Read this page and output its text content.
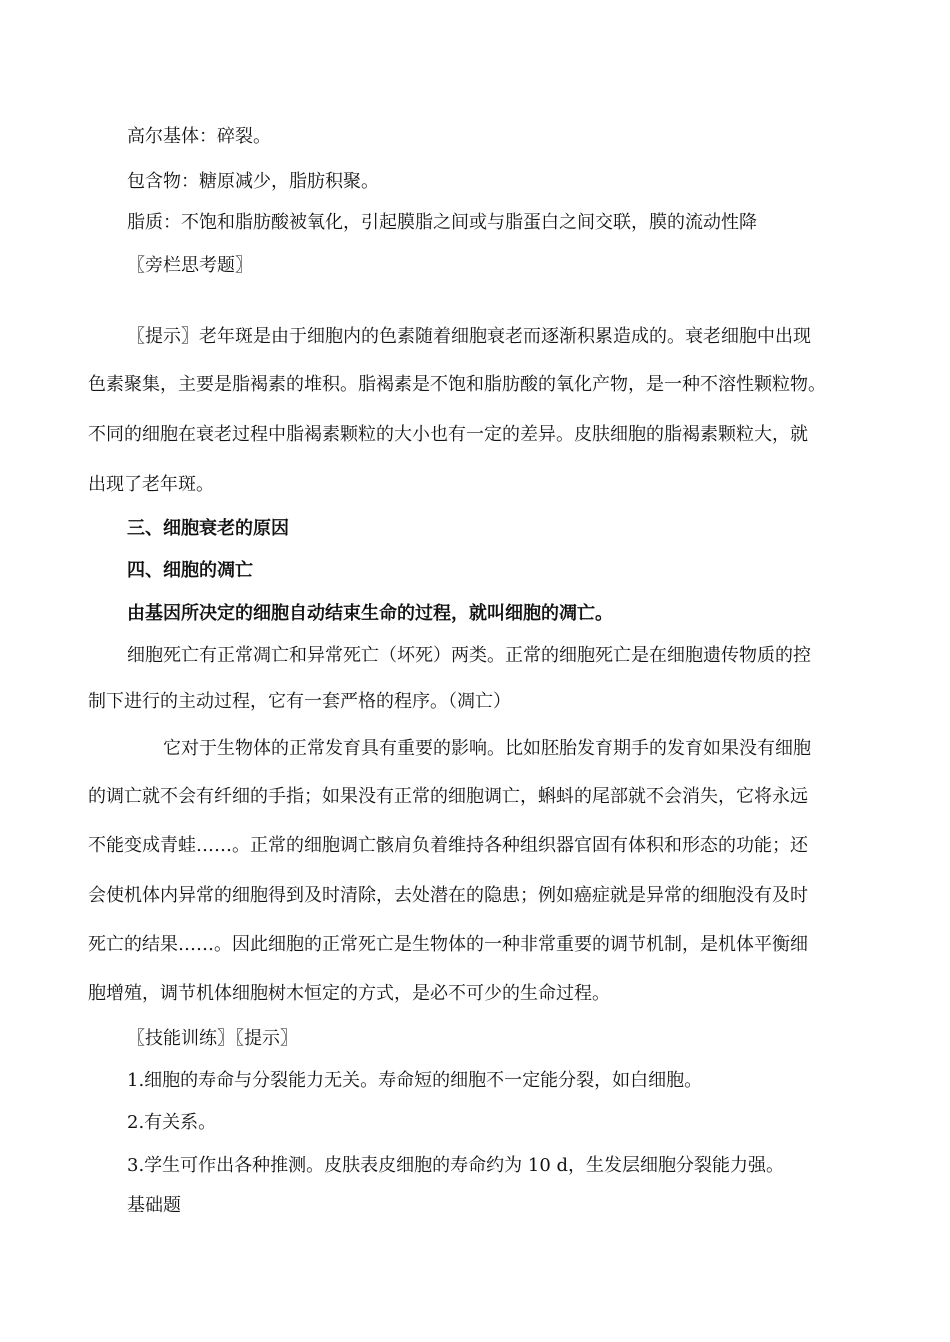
高尔基体：碎裂。
包含物：糖原减少，脂肪积聚。
脂质：不饱和脂肪酸被氧化，引起膜脂之间或与脂蛋白之间交联，膜的流动性降
〖旁栏思考题〗
〖提示〗老年斑是由于细胞内的色素随着细胞衰老而逐渐积累造成的。衰老细胞中出现
色素聚集，主要是脂褐素的堆积。脂褐素是不饱和脂肪酸的氧化产物，是一种不溶性颗粒物。
不同的细胞在衰老过程中脂褐素颗粒的大小也有一定的差异。皮肤细胞的脂褐素颗粒大，就
出现了老年斑。
三、细胞衰老的原因
四、细胞的凋亡
由基因所决定的细胞自动结束生命的过程，就叫细胞的凋亡。
细胞死亡有正常凋亡和异常死亡（坏死）两类。正常的细胞死亡是在细胞遗传物质的控
制下进行的主动过程，它有一套严格的程序。（凋亡）
它对于生物体的正常发育具有重要的影响。比如胚胎发育期手的发育如果没有细胞
的调亡就不会有纤细的手指；如果没有正常的细胞调亡，蝌蚪的尾部就不会消失，它将永远
不能变成青蛙……。正常的细胞调亡骸肩负着维持各种组织器官固有体积和形态的功能；还
会使机体内异常的细胞得到及时清除，去处潜在的隐患；例如癌症就是异常的细胞没有及时
死亡的结果……。因此细胞的正常死亡是生物体的一种非常重要的调节机制，是机体平衡细
胞增殖，调节机体细胞树木恒定的方式，是必不可少的生命过程。
〖技能训练〗〖提示〗
1.细胞的寿命与分裂能力无关。寿命短的细胞不一定能分裂，如白细胞。
2.有关系。
3.学生可作出各种推测。皮肤表皮细胞的寿命约为 10 d，生发层细胞分裂能力强。
基础题
